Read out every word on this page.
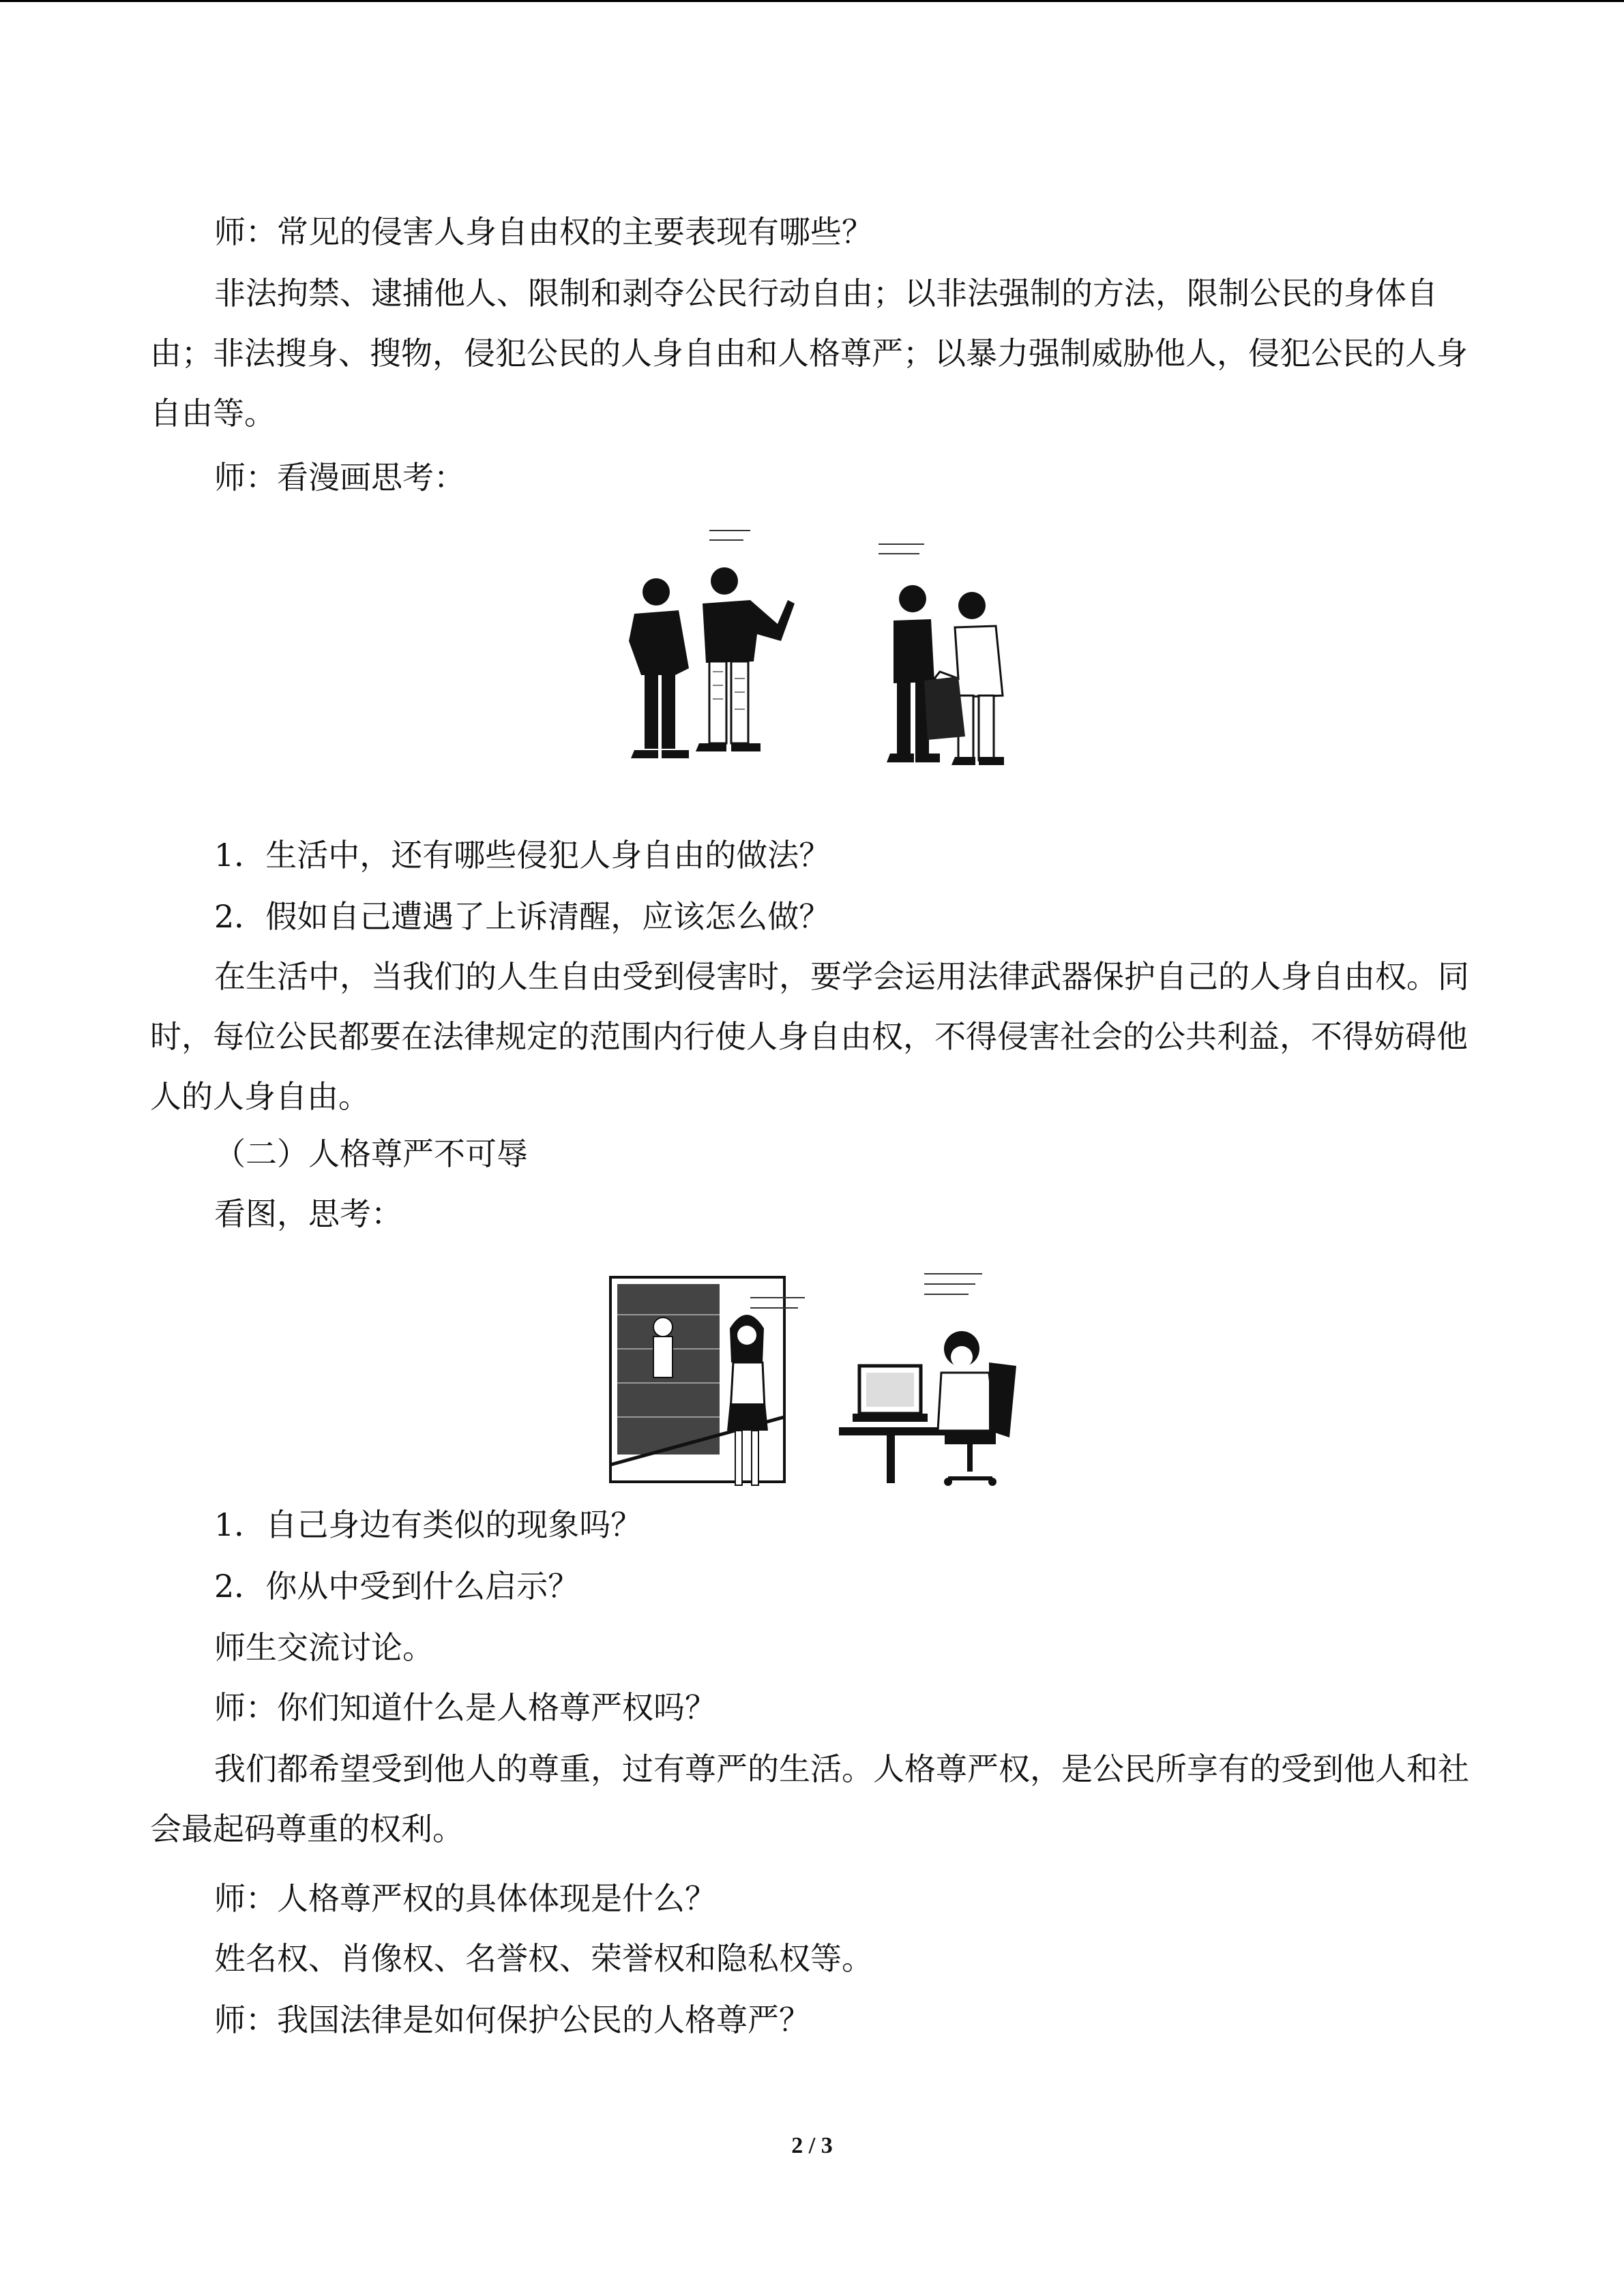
师：常见的侵害人身自由权的主要表现有哪些？

非法拘禁、逮捕他人、限制和剥夺公民行动自由；以非法强制的方法，限制公民的身体自由；非法搜身、搜物，侵犯公民的人身自由和人格尊严；以暴力强制威胁他人，侵犯公民的人身自由等。

师：看漫画思考：

1．生活中，还有哪些侵犯人身自由的做法？

2．假如自己遭遇了上诉清醒，应该怎么做？

在生活中，当我们的人生自由受到侵害时，要学会运用法律武器保护自己的人身自由权。同时，每位公民都要在法律规定的范围内行使人身自由权，不得侵害社会的公共利益，不得妨碍他人的人身自由。

（二）人格尊严不可辱

看图，思考：

1．自己身边有类似的现象吗？

2．你从中受到什么启示？

师生交流讨论。

师：你们知道什么是人格尊严权吗？

我们都希望受到他人的尊重，过有尊严的生活。人格尊严权，是公民所享有的受到他人和社会最起码尊重的权利。

师：人格尊严权的具体体现是什么？

姓名权、肖像权、名誉权、荣誉权和隐私权等。

师：我国法律是如何保护公民的人格尊严？

2 / 3
